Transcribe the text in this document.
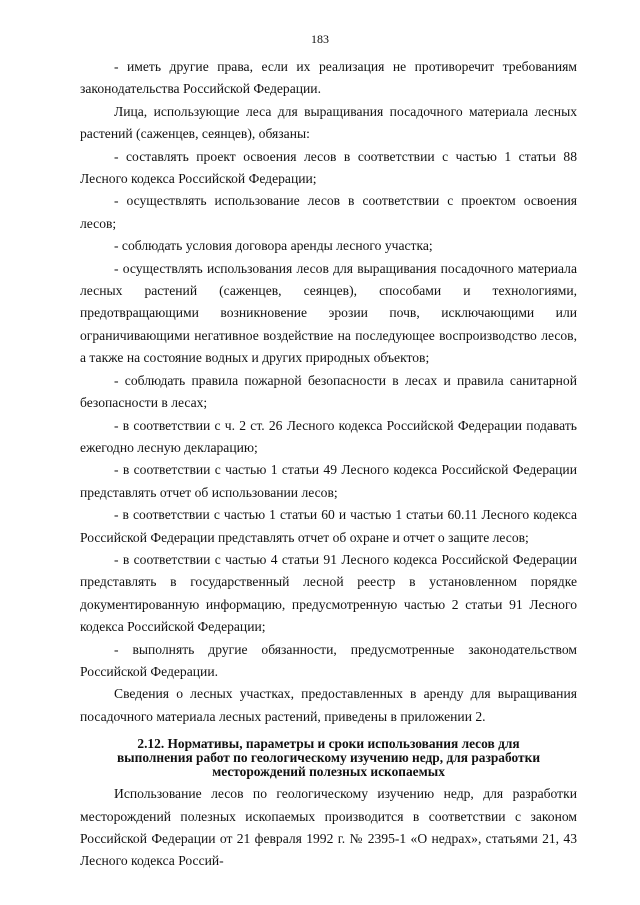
183

- иметь другие права, если их реализация не противоречит требованиям законодательства Российской Федерации.

Лица, использующие леса для выращивания посадочного материала лесных растений (саженцев, сеянцев), обязаны:

- составлять проект освоения лесов в соответствии с частью 1 статьи 88 Лесного кодекса Российской Федерации;

- осуществлять использование лесов в соответствии с проектом освоения лесов;

- соблюдать условия договора аренды лесного участка;

- осуществлять использования лесов для выращивания посадочного материала лесных растений (саженцев, сеянцев), способами и технологиями, предотвращающими возникновение эрозии почв, исключающими или ограничивающими негативное воздействие на последующее воспроизводство лесов, а также на состояние водных и других природных объектов;

- соблюдать правила пожарной безопасности в лесах и правила санитарной безопасности в лесах;

- в соответствии с ч. 2 ст. 26 Лесного кодекса Российской Федерации подавать ежегодно лесную декларацию;

- в соответствии с частью 1 статьи 49 Лесного кодекса Российской Федерации представлять отчет об использовании лесов;

- в соответствии с частью 1 статьи 60 и частью 1 статьи 60.11 Лесного кодекса Российской Федерации представлять отчет об охране и отчет о защите лесов;

- в соответствии с частью 4 статьи 91 Лесного кодекса Российской Федерации представлять в государственный лесной реестр в установленном порядке документированную информацию, предусмотренную частью 2 статьи 91 Лесного кодекса Российской Федерации;

- выполнять другие обязанности, предусмотренные законодательством Российской Федерации.

Сведения о лесных участках, предоставленных в аренду для выращивания посадочного материала лесных растений, приведены в приложении 2.

2.12. Нормативы, параметры и сроки использования лесов для
выполнения работ по геологическому изучению недр, для разработки
месторождений полезных ископаемых

Использование лесов по геологическому изучению недр, для разработки месторождений полезных ископаемых производится в соответствии с законом Российской Федерации от 21 февраля 1992 г. № 2395-1 «О недрах», статьями 21, 43 Лесного кодекса Россий-
